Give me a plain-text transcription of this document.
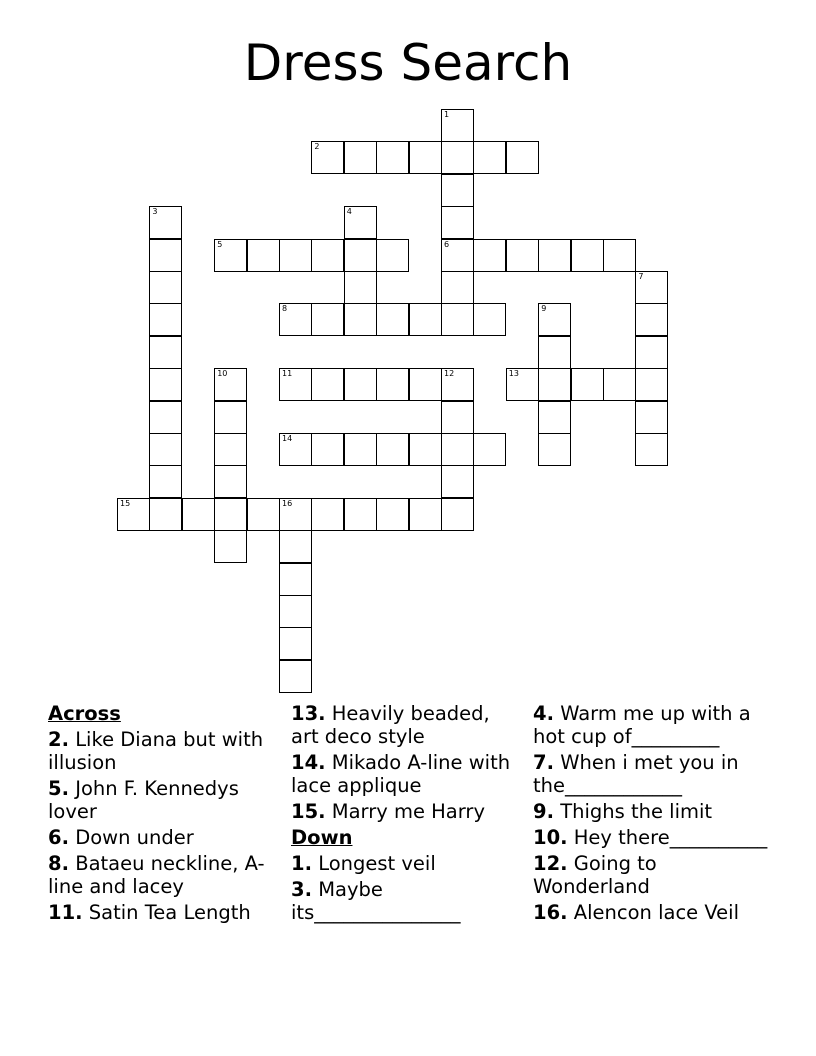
Dress Search
1
6
2
3	4
5
7
8	9
10	11	12	13
14
15	16
Across
2. Like Diana but with illusion
5. John F. Kennedys lover
6. Down under
8. Bataeu neckline, A-line and lacey
11. Satin Tea Length
13. Heavily beaded, art deco style
14. Mikado A-line with lace applique
15. Marry me Harry
Down
1. Longest veil
3. Maybe its_______________
4. Warm me up with a hot cup of_________
7. When i met you in the____________
9. Thighs the limit
10. Hey there__________
12. Going to Wonderland
16. Alencon lace Veil
